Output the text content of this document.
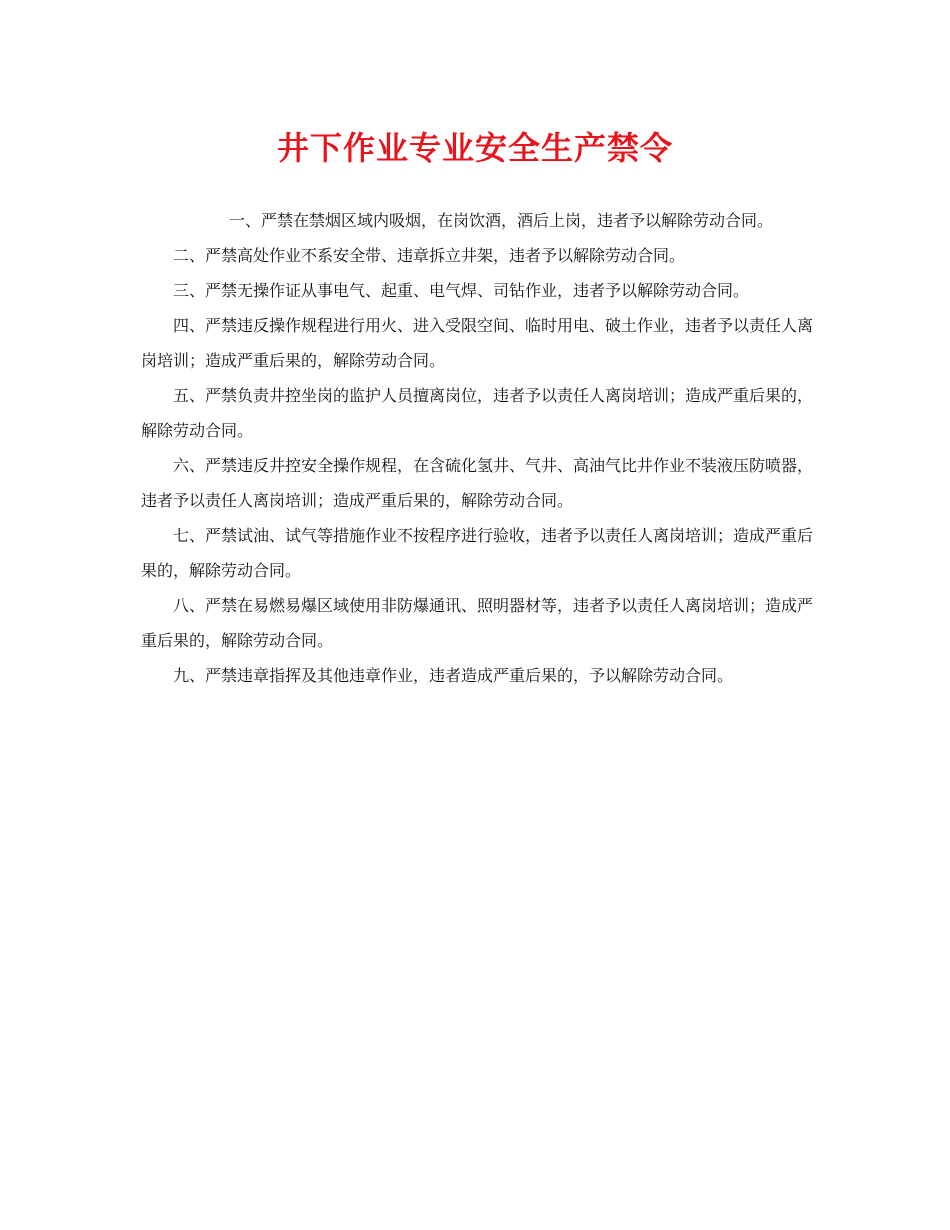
井下作业专业安全生产禁令

一、严禁在禁烟区域内吸烟，在岗饮酒，酒后上岗，违者予以解除劳动合同。

二、严禁高处作业不系安全带、违章拆立井架，违者予以解除劳动合同。

三、严禁无操作证从事电气、起重、电气焊、司钻作业，违者予以解除劳动合同。

四、严禁违反操作规程进行用火、进入受限空间、临时用电、破土作业，违者予以责任人离岗培训；造成严重后果的，解除劳动合同。

五、严禁负责井控坐岗的监护人员擅离岗位，违者予以责任人离岗培训；造成严重后果的，解除劳动合同。

六、严禁违反井控安全操作规程，在含硫化氢井、气井、高油气比井作业不装液压防喷器，违者予以责任人离岗培训；造成严重后果的，解除劳动合同。

七、严禁试油、试气等措施作业不按程序进行验收，违者予以责任人离岗培训；造成严重后果的，解除劳动合同。

八、严禁在易燃易爆区域使用非防爆通讯、照明器材等，违者予以责任人离岗培训；造成严重后果的，解除劳动合同。

九、严禁违章指挥及其他违章作业，违者造成严重后果的，予以解除劳动合同。
